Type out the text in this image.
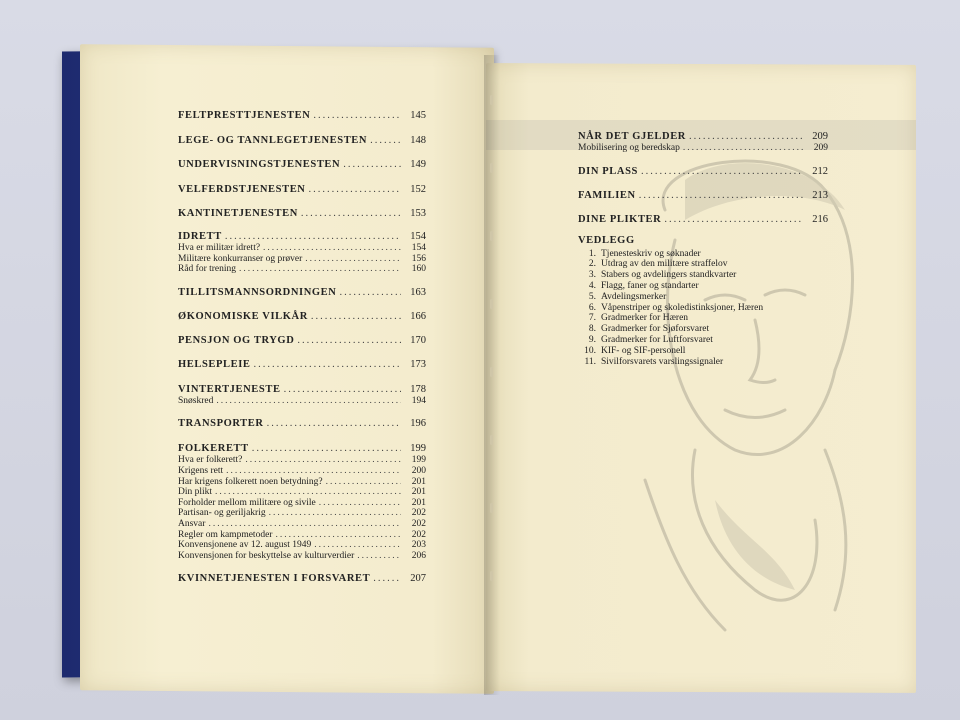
FELTPRESTTJENESTEN .....	145
LEGE- OG TANNLEGETJENESTEN .....	148
UNDERVISNINGSTJENESTEN .....	149
VELFERDSTJENESTEN .....	152
KANTINETJENESTEN .....	153
IDRETT .....	154
Hva er militær idrett? .....	154
Militære konkurranser og prøver .....	156
Råd for trening .....	160
TILLITSMANNSORDNINGEN .....	163
ØKONOMISKE VILKÅR .....	166
PENSJON OG TRYGD .....	170
HELSEPLEIE .....	173
VINTERTJENESTE .....	178
Snøskred .....	194
TRANSPORTER .....	196
FOLKERETT .....	199
Hva er folkerett? .....	199
Krigens rett .....	200
Har krigens folkerett noen betydning? .....	201
Din plikt .....	201
Forholder mellom militære og sivile .....	201
Partisan- og geriljakrig .....	202
Ansvar .....	202
Regler om kampmetoder .....	202
Konvensjonene av 12. august 1949 .....	203
Konvensjonen for beskyttelse av kulturverdier .....	206
KVINNETJENESTEN I FORSVARET .....	207
NÅR DET GJELDER .....	209
Mobilisering og beredskap .....	209
DIN PLASS .....	212
FAMILIEN .....	213
DINE PLIKTER .....	216
VEDLEGG
1. Tjenesteskriv og søknader
2. Utdrag av den militære straffelov
3. Stabers og avdelingers standkvarter
4. Flagg, faner og standarter
5. Avdelingsmerker
6. Våpenstriper og skoledistinksjoner, Hæren
7. Gradmerker for Hæren
8. Gradmerker for Sjøforsvaret
9. Gradmerker for Luftforsvaret
10. KIF- og SIF-personell
11. Sivilforsvarets varslingssignaler
